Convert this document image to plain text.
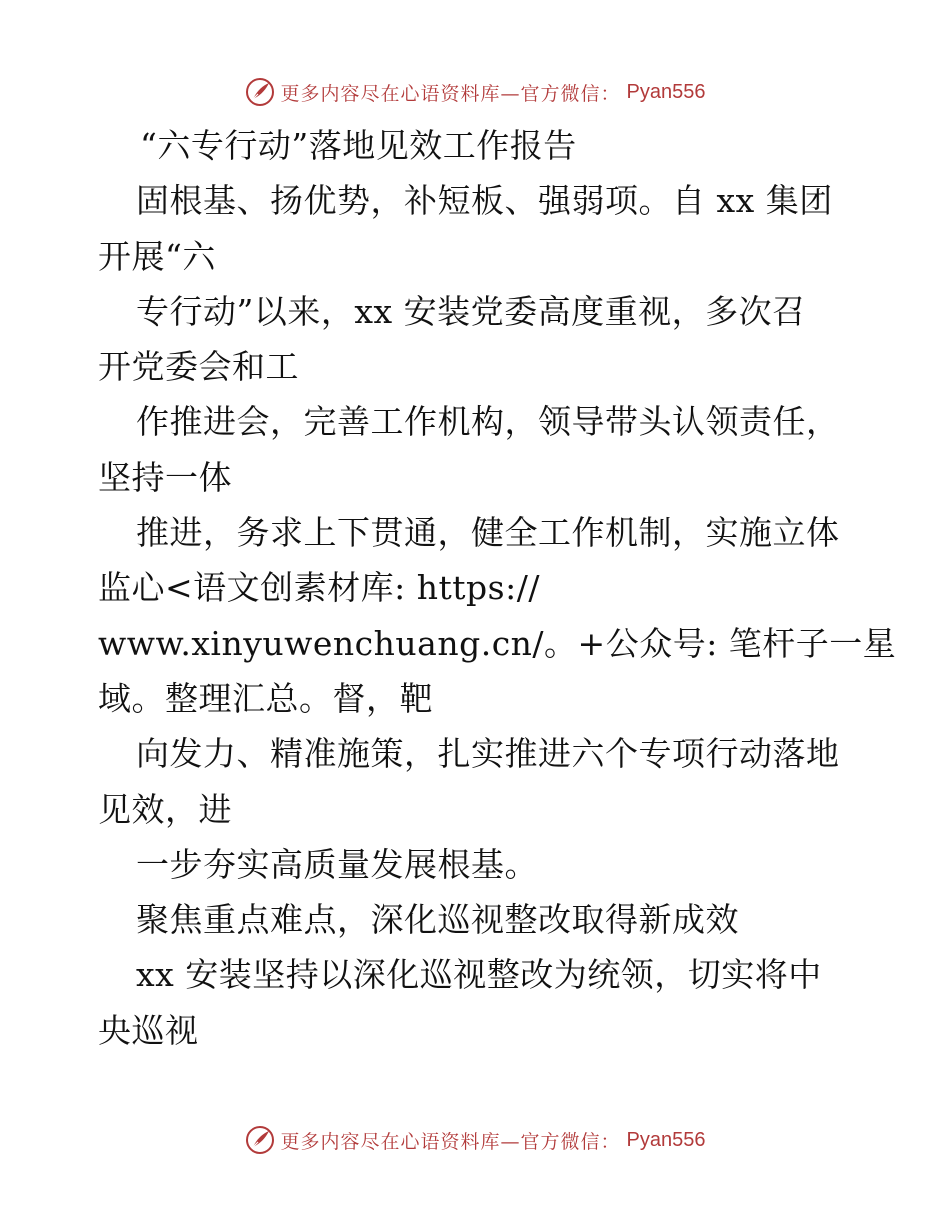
更多内容尽在心语资料库—官方微信： Pyan556
“六专行动”落地见效工作报告
固根基、扬优势，补短板、强弱项。自 xx 集团
开展“六
专行动”以来，xx 安装党委高度重视，多次召
开党委会和工
作推进会，完善工作机构，领导带头认领责任，
坚持一体
推进，务求上下贯通，健全工作机制，实施立体
监心<语文创素材库: https://
www.xinyuwenchuang.cn/。+公众号: 笔杆子一星
域。整理汇总。督，靶
向发力、精准施策，扎实推进六个专项行动落地
见效，进
一步夯实高质量发展根基。
聚焦重点难点，深化巡视整改取得新成效
xx 安装坚持以深化巡视整改为统领，切实将中
央巡视
更多内容尽在心语资料库—官方微信： Pyan556
